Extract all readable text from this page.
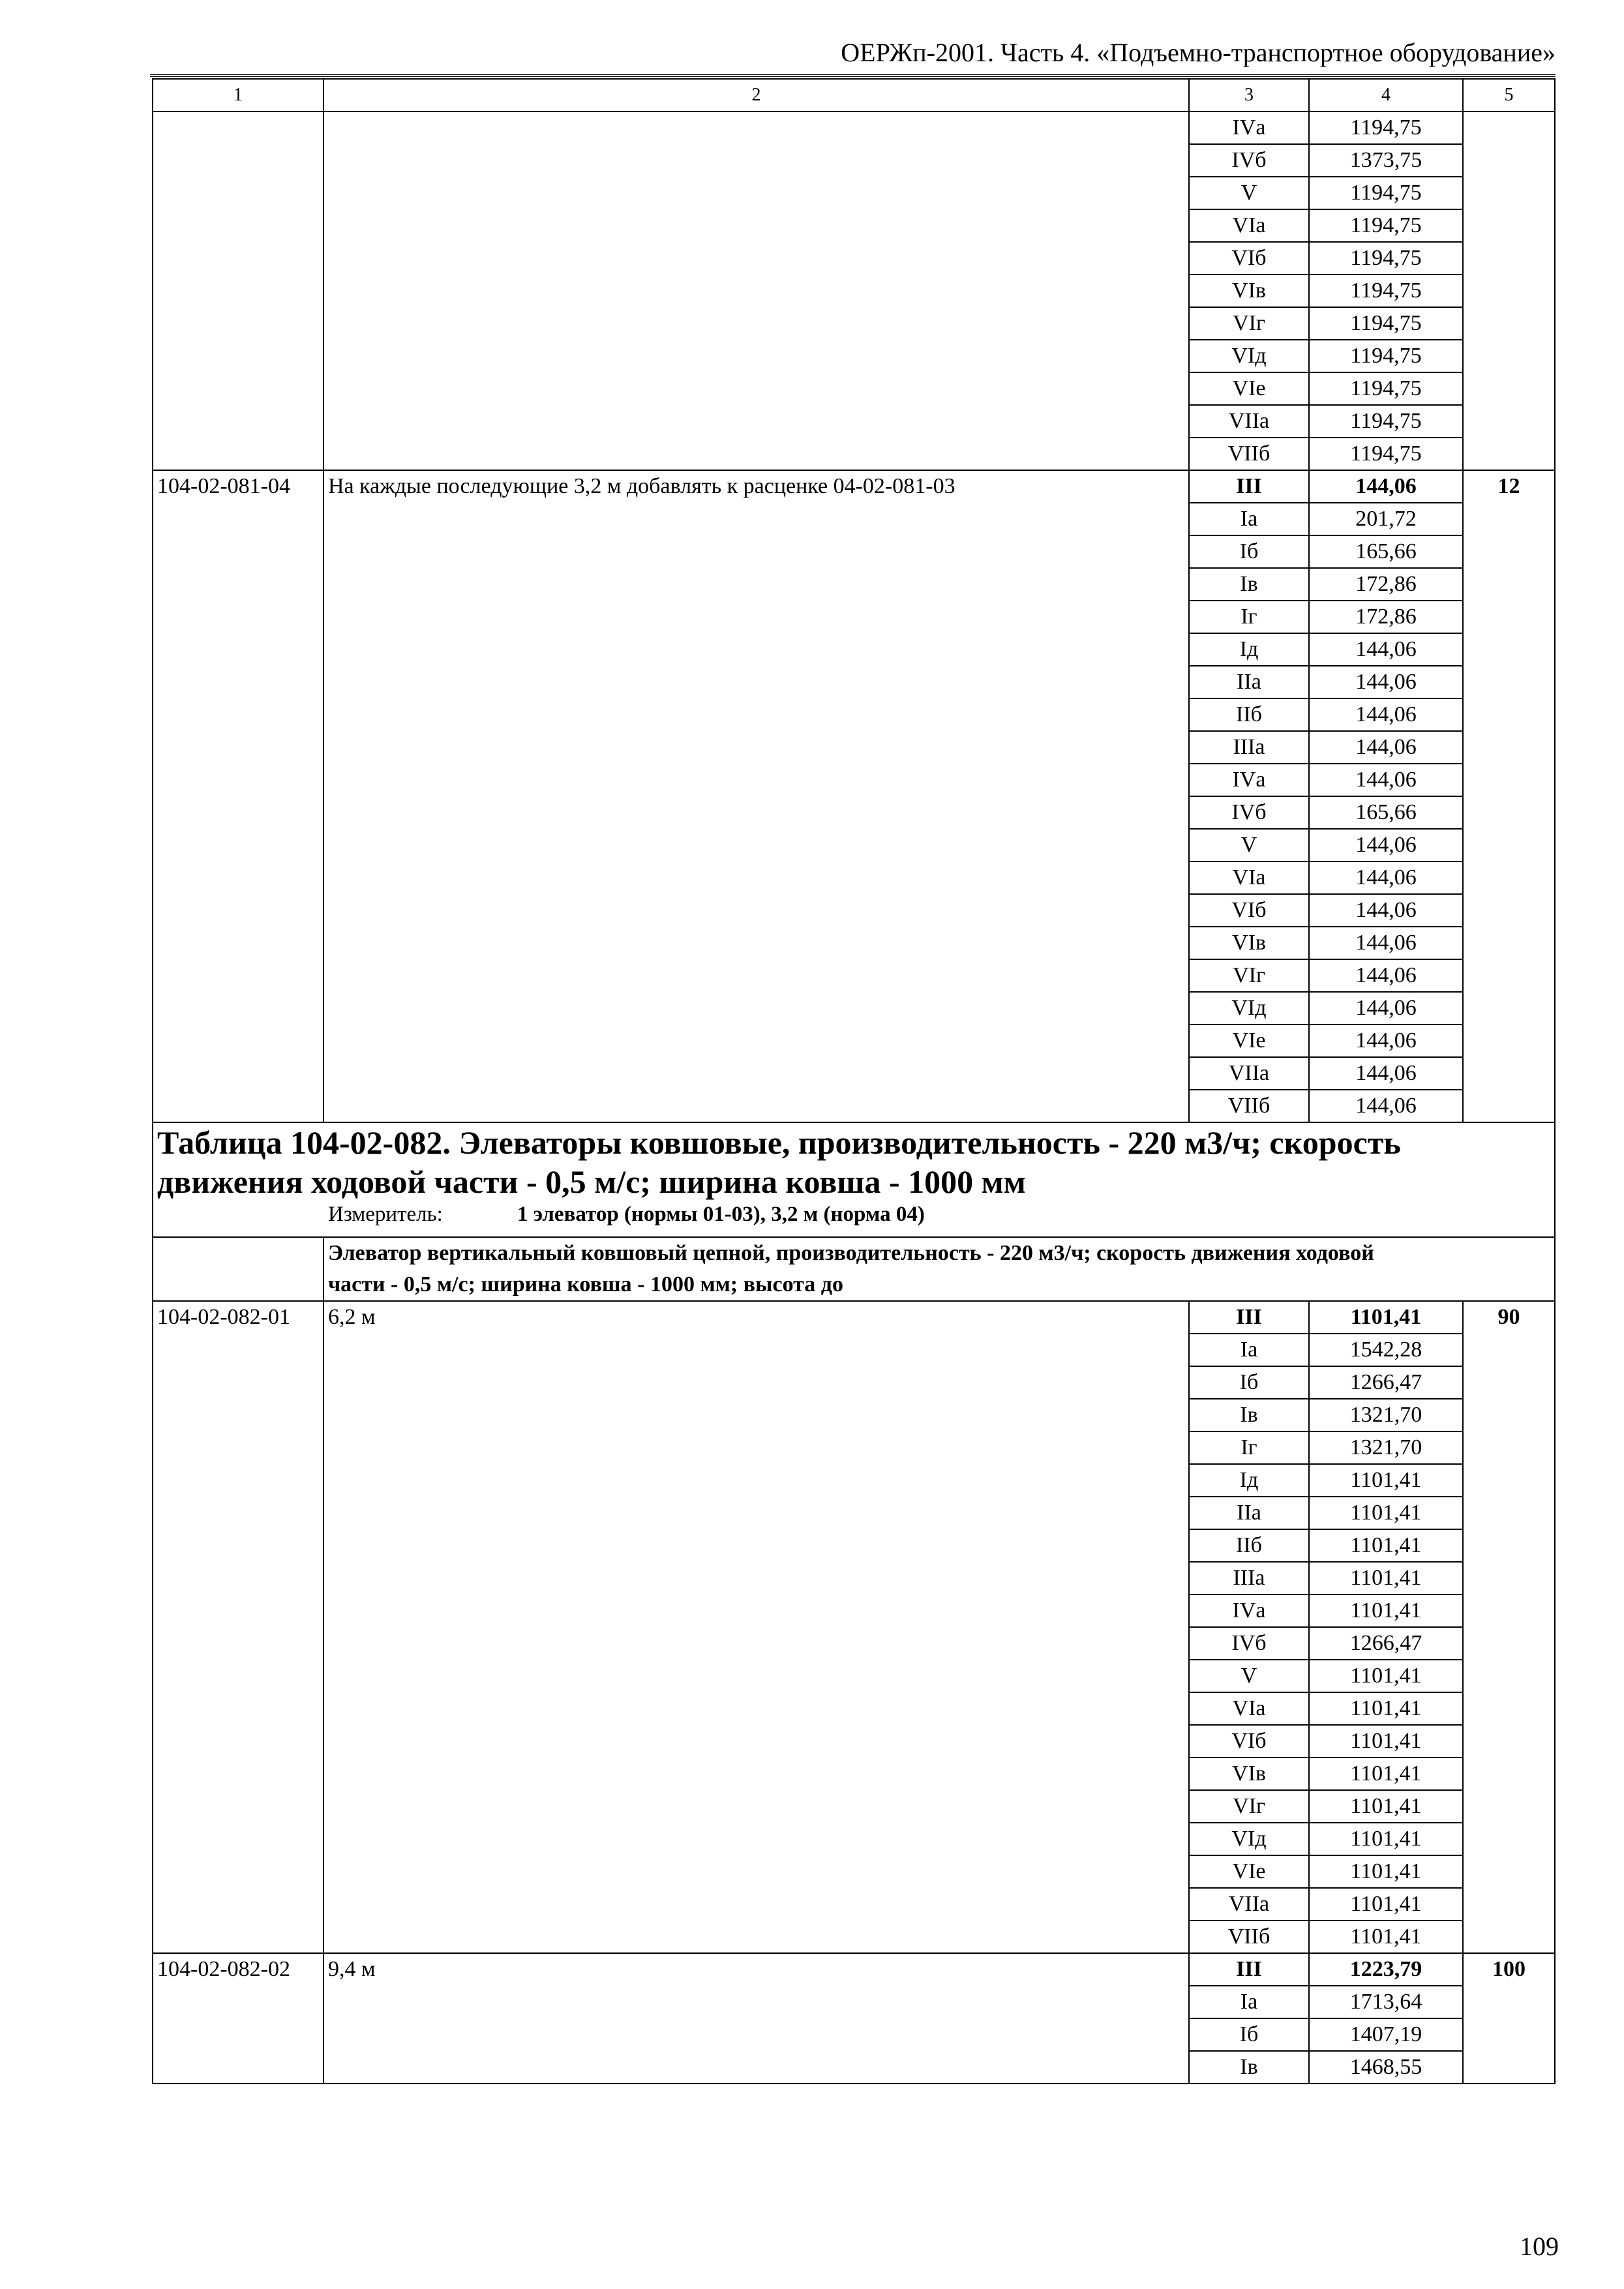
ОЕРЖп-2001. Часть 4. «Подъемно-транспортное оборудование»
1	2	3	4	5
		IVа	1194,75	
		IVб	1373,75	
		V	1194,75	
		VIа	1194,75	
		VIб	1194,75	
		VIв	1194,75	
		VIг	1194,75	
		VIд	1194,75	
		VIе	1194,75	
		VIIа	1194,75	
		VIIб	1194,75	
104-02-081-04	На каждые последующие 3,2 м добавлять к расценке 04-02-081-03	III	144,06	12
		Iа	201,72	
		Iб	165,66	
		Iв	172,86	
		Iг	172,86	
		Iд	144,06	
		IIа	144,06	
		IIб	144,06	
		IIIа	144,06	
		IVа	144,06	
		IVб	165,66	
		V	144,06	
		VIа	144,06	
		VIб	144,06	
		VIв	144,06	
		VIг	144,06	
		VIд	144,06	
		VIе	144,06	
		VIIа	144,06	
		VIIб	144,06	

Таблица 104-02-082. Элеваторы ковшовые, производительность - 220 м3/ч; скорость
движения ходовой части - 0,5 м/с; ширина ковша - 1000 мм
Измеритель: 1 элеватор (нормы 01-03), 3,2 м (норма 04)				

	Элеватор вертикальный ковшовый цепной, производительность - 220 м3/ч; скорость движения ходовой
части - 0,5 м/с; ширина ковша - 1000 мм; высота до			

104-02-082-01	6,2 м	III	1101,41	90
		Iа	1542,28	
		Iб	1266,47	
		Iв	1321,70	
		Iг	1321,70	
		Iд	1101,41	
		IIа	1101,41	
		IIб	1101,41	
		IIIа	1101,41	
		IVа	1101,41	
		IVб	1266,47	
		V	1101,41	
		VIа	1101,41	
		VIб	1101,41	
		VIв	1101,41	
		VIг	1101,41	
		VIд	1101,41	
		VIе	1101,41	
		VIIа	1101,41	
		VIIб	1101,41	
104-02-082-02	9,4 м	III	1223,79	100
		Iа	1713,64	
		Iб	1407,19	
		Iв	1468,55	
109
